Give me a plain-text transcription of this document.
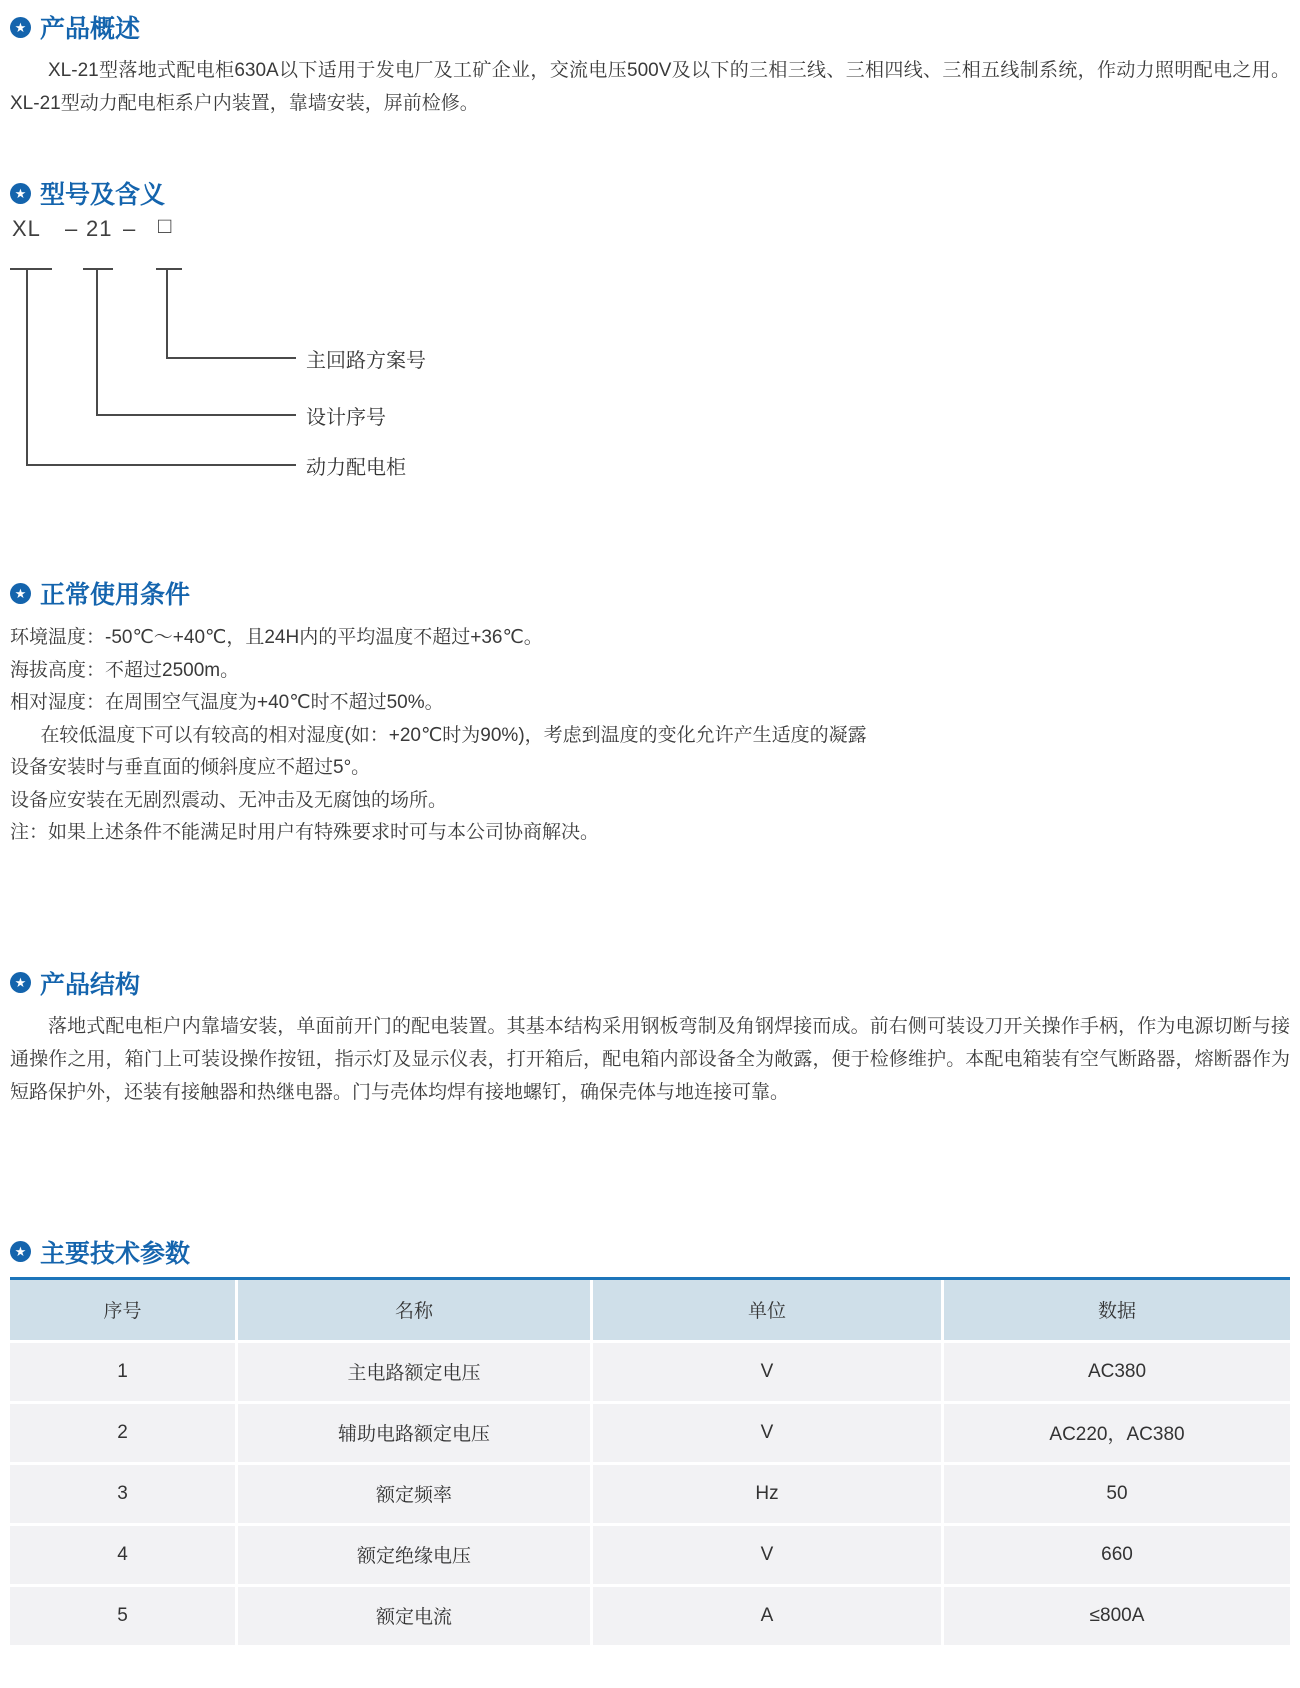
★ 产品概述

XL-21型落地式配电柜630A以下适用于发电厂及工矿企业，交流电压500V及以下的三相三线、三相四线、三相五线制系统，作动力照明配电之用。XL-21型动力配电柜系户内装置，靠墙安装，屏前检修。

★ 型号及含义
XL – 21 – □
主回路方案号
设计序号
动力配电柜
★ 正常使用条件
环境温度：-50℃～+40℃，且24H内的平均温度不超过+36℃。
海拔高度：不超过2500m。
相对湿度：在周围空气温度为+40℃时不超过50%。
在较低温度下可以有较高的相对湿度(如：+20℃时为90%)，考虑到温度的变化允许产生适度的凝露
设备安装时与垂直面的倾斜度应不超过5°。
设备应安装在无剧烈震动、无冲击及无腐蚀的场所。
注：如果上述条件不能满足时用户有特殊要求时可与本公司协商解决。
★ 产品结构

落地式配电柜户内靠墙安装，单面前开门的配电装置。其基本结构采用钢板弯制及角钢焊接而成。前右侧可装设刀开关操作手柄，作为电源切断与接通操作之用，箱门上可装设操作按钮，指示灯及显示仪表，打开箱后，配电箱内部设备全为敞露，便于检修维护。本配电箱装有空气断路器，熔断器作为短路保护外，还装有接触器和热继电器。门与壳体均焊有接地螺钉，确保壳体与地连接可靠。

★ 主要技术参数
序号	名称	单位	数据
1	主电路额定电压	V	AC380
2	辅助电路额定电压	V	AC220，AC380
3	额定频率	Hz	50
4	额定绝缘电压	V	660
5	额定电流	A	≤800A
